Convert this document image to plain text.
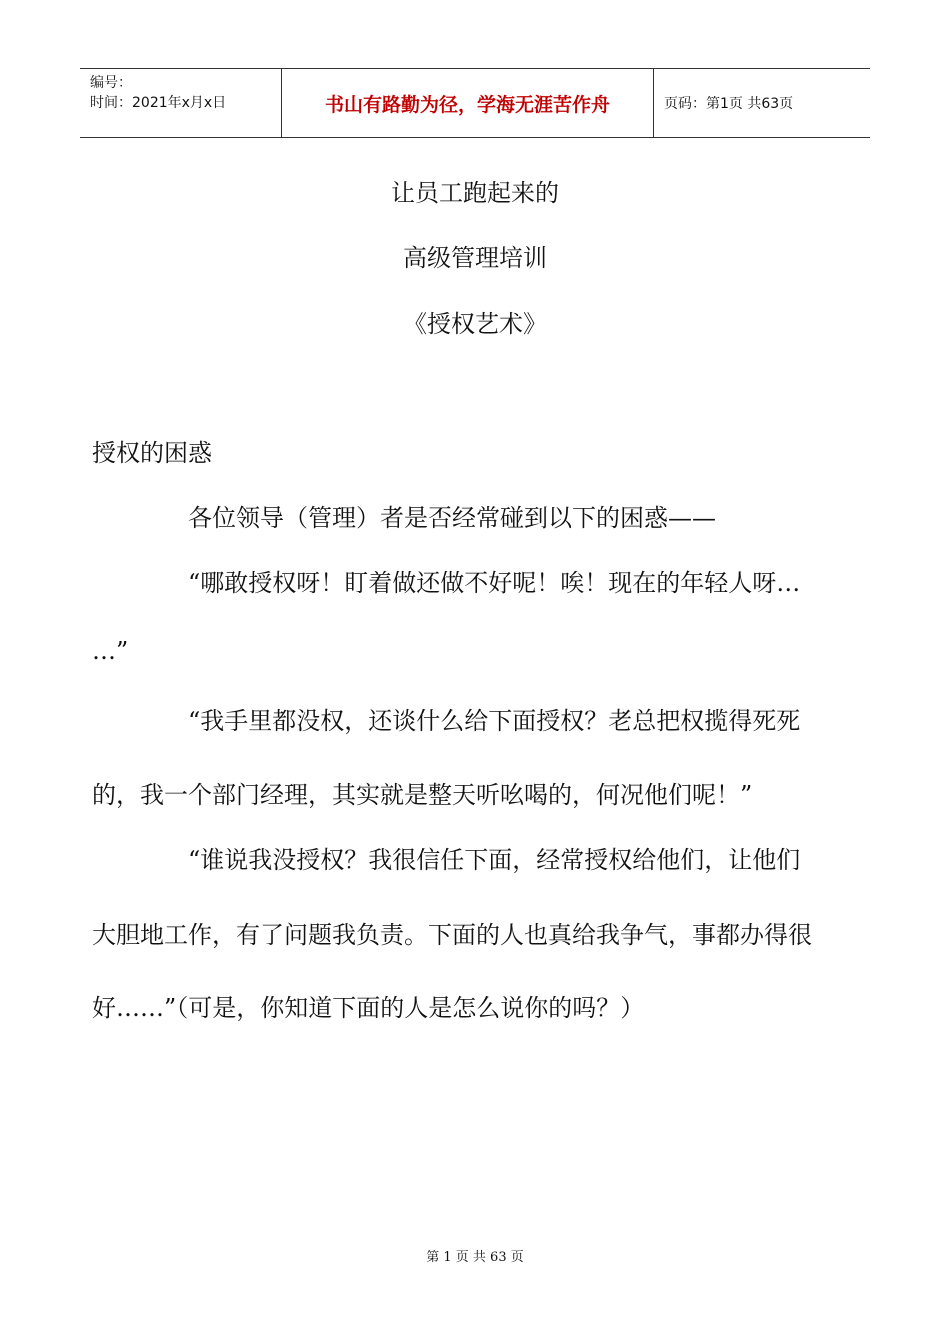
编号：
时间：2021年x月x日	书山有路勤为径，学海无涯苦作舟	页码：第1页 共63页
让员工跑起来的
高级管理培训
《授权艺术》
授权的困惑
各位领导（管理）者是否经常碰到以下的困惑——
“哪敢授权呀！盯着做还做不好呢！唉！现在的年轻人呀…
…”
“我手里都没权，还谈什么给下面授权？老总把权揽得死死
的，我一个部门经理，其实就是整天听吆喝的，何况他们呢！”
“谁说我没授权？我很信任下面，经常授权给他们，让他们
大胆地工作，有了问题我负责。下面的人也真给我争气，事都办得很
好……”（可是，你知道下面的人是怎么说你的吗？）
第 1 页 共 63 页
